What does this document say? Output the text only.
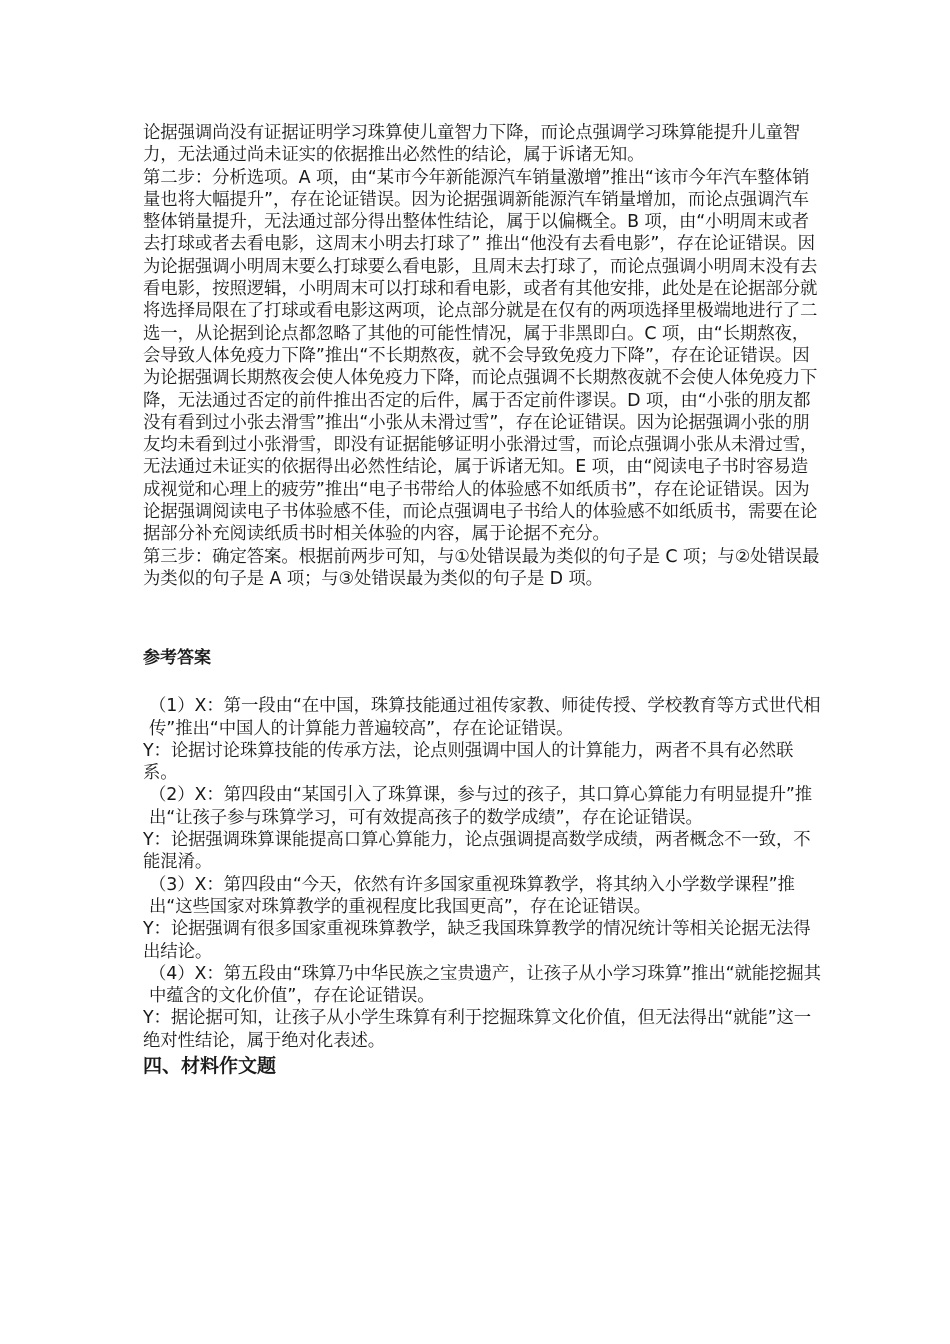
论据强调尚没有证据证明学习珠算使儿童智力下降，而论点强调学习珠算能提升儿童智力，无法通过尚未证实的依据推出必然性的结论，属于诉诸无知。

第二步：分析选项。A 项，由“某市今年新能源汽车销量激增”推出“该市今年汽车整体销量也将大幅提升”，存在论证错误。因为论据强调新能源汽车销量增加，而论点强调汽车整体销量提升，无法通过部分得出整体性结论，属于以偏概全。B 项，由“小明周末或者去打球或者去看电影，这周末小明去打球了” 推出“他没有去看电影”，存在论证错误。因为论据强调小明周末要么打球要么看电影，且周末去打球了，而论点强调小明周末没有去看电影，按照逻辑，小明周末可以打球和看电影，或者有其他安排，此处是在论据部分就将选择局限在了打球或看电影这两项，论点部分就是在仅有的两项选择里极端地进行了二选一，从论据到论点都忽略了其他的可能性情况，属于非黑即白。C 项，由“长期熬夜，会导致人体免疫力下降”推出“不长期熬夜，就不会导致免疫力下降”，存在论证错误。因为论据强调长期熬夜会使人体免疫力下降，而论点强调不长期熬夜就不会使人体免疫力下降，无法通过否定的前件推出否定的后件，属于否定前件谬误。D 项，由“小张的朋友都没有看到过小张去滑雪”推出“小张从未滑过雪”，存在论证错误。因为论据强调小张的朋友均未看到过小张滑雪，即没有证据能够证明小张滑过雪，而论点强调小张从未滑过雪，无法通过未证实的依据得出必然性结论，属于诉诸无知。E 项，由“阅读电子书时容易造成视觉和心理上的疲劳”推出“电子书带给人的体验感不如纸质书”，存在论证错误。因为论据强调阅读电子书体验感不佳，而论点强调电子书给人的体验感不如纸质书，需要在论据部分补充阅读纸质书时相关体验的内容，属于论据不充分。

第三步：确定答案。根据前两步可知，与①处错误最为类似的句子是 C 项；与②处错误最为类似的句子是 A 项；与③处错误最为类似的句子是 D 项。

参考答案

（1）X：第一段由“在中国，珠算技能通过祖传家教、师徒传授、学校教育等方式世代相传”推出“中国人的计算能力普遍较高”，存在论证错误。

Y：论据讨论珠算技能的传承方法，论点则强调中国人的计算能力，两者不具有必然联系。

（2）X：第四段由“某国引入了珠算课，参与过的孩子，其口算心算能力有明显提升”推出“让孩子参与珠算学习，可有效提高孩子的数学成绩”，存在论证错误。

Y：论据强调珠算课能提高口算心算能力，论点强调提高数学成绩，两者概念不一致，不能混淆。

（3）X：第四段由“今天，依然有许多国家重视珠算教学，将其纳入小学数学课程”推出“这些国家对珠算教学的重视程度比我国更高”，存在论证错误。

Y：论据强调有很多国家重视珠算教学，缺乏我国珠算教学的情况统计等相关论据无法得出结论。

（4）X：第五段由“珠算乃中华民族之宝贵遗产，让孩子从小学习珠算”推出“就能挖掘其中蕴含的文化价值”，存在论证错误。

Y：据论据可知，让孩子从小学生珠算有利于挖掘珠算文化价值，但无法得出“就能”这一绝对性结论，属于绝对化表述。

四、材料作文题
